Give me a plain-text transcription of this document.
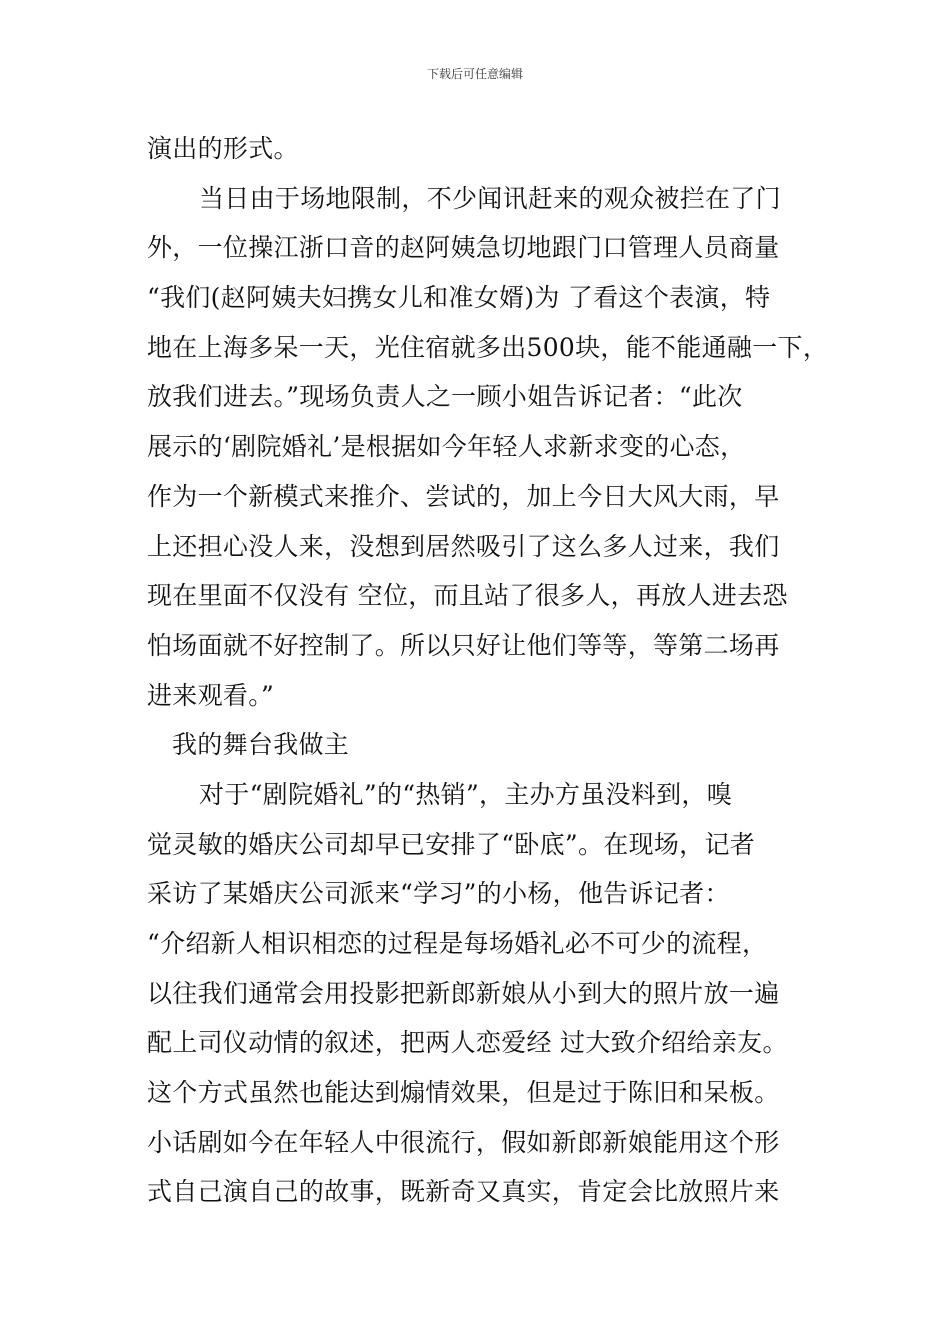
下载后可任意编辑
演出的形式。
当日由于场地限制，不少闻讯赶来的观众被拦在了门
外，一位操江浙口音的赵阿姨急切地跟门口管理人员商量
“我们(赵阿姨夫妇携女儿和准女婿)为 了看这个表演，特
地在上海多呆一天，光住宿就多出500块，能不能通融一下，
放我们进去。”现场负责人之一顾小姐告诉记者：“此次
展示的‘剧院婚礼’是根据如今年轻人求新求变的心态，
作为一个新模式来推介、尝试的，加上今日大风大雨，早
上还担心没人来，没想到居然吸引了这么多人过来，我们
现在里面不仅没有 空位，而且站了很多人，再放人进去恐
怕场面就不好控制了。所以只好让他们等等，等第二场再
进来观看。”
我的舞台我做主
对于“剧院婚礼”的“热销”，主办方虽没料到，嗅
觉灵敏的婚庆公司却早已安排了“卧底”。在现场，记者
采访了某婚庆公司派来“学习”的小杨，他告诉记者：
“介绍新人相识相恋的过程是每场婚礼必不可少的流程，
以往我们通常会用投影把新郎新娘从小到大的照片放一遍
配上司仪动情的叙述，把两人恋爱经 过大致介绍给亲友。
这个方式虽然也能达到煽情效果，但是过于陈旧和呆板。
小话剧如今在年轻人中很流行，假如新郎新娘能用这个形
式自己演自己的故事，既新奇又真实，肯定会比放照片来
